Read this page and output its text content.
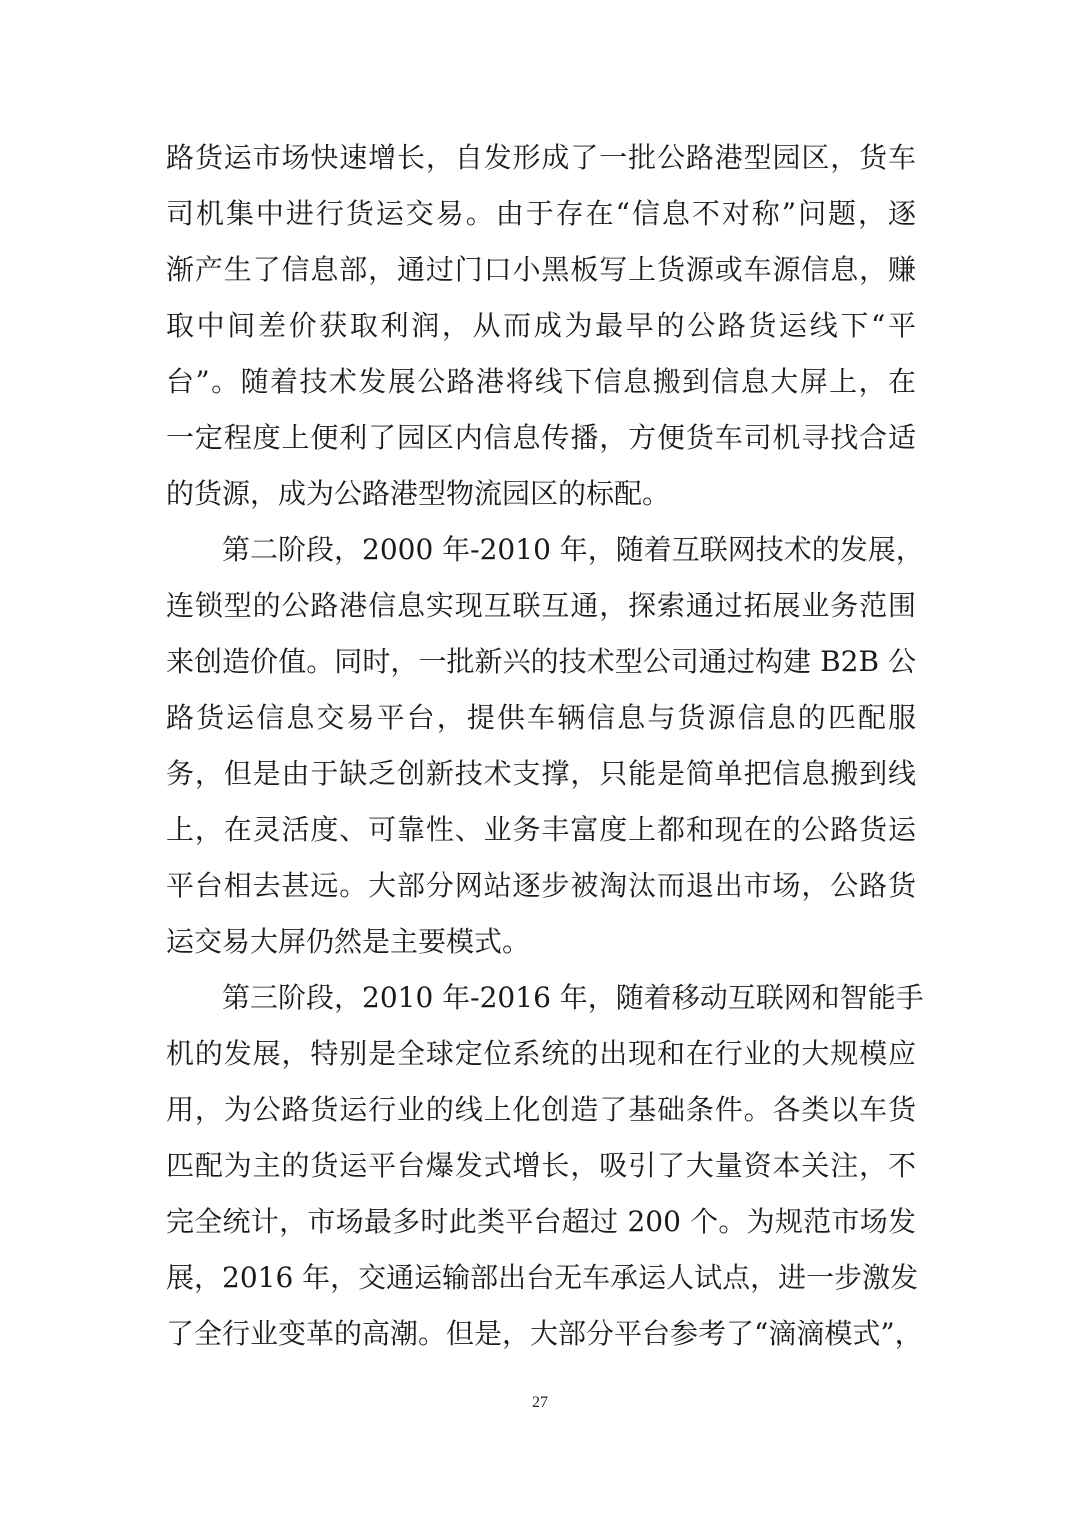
路货运市场快速增长，自发形成了一批公路港型园区，货车
司机集中进行货运交易。由于存在“信息不对称”问题，逐
渐产生了信息部，通过门口小黑板写上货源或车源信息，赚
取中间差价获取利润，从而成为最早的公路货运线下“平
台”。随着技术发展公路港将线下信息搬到信息大屏上，在
一定程度上便利了园区内信息传播，方便货车司机寻找合适
的货源，成为公路港型物流园区的标配。
第二阶段，2000 年-2010 年，随着互联网技术的发展，
连锁型的公路港信息实现互联互通，探索通过拓展业务范围
来创造价值。同时，一批新兴的技术型公司通过构建 B2B 公
路货运信息交易平台，提供车辆信息与货源信息的匹配服
务，但是由于缺乏创新技术支撑，只能是简单把信息搬到线
上，在灵活度、可靠性、业务丰富度上都和现在的公路货运
平台相去甚远。大部分网站逐步被淘汰而退出市场，公路货
运交易大屏仍然是主要模式。
第三阶段，2010 年-2016 年，随着移动互联网和智能手
机的发展，特别是全球定位系统的出现和在行业的大规模应
用，为公路货运行业的线上化创造了基础条件。各类以车货
匹配为主的货运平台爆发式增长，吸引了大量资本关注，不
完全统计，市场最多时此类平台超过 200 个。为规范市场发
展，2016 年，交通运输部出台无车承运人试点，进一步激发
了全行业变革的高潮。但是，大部分平台参考了“滴滴模式”，
27
